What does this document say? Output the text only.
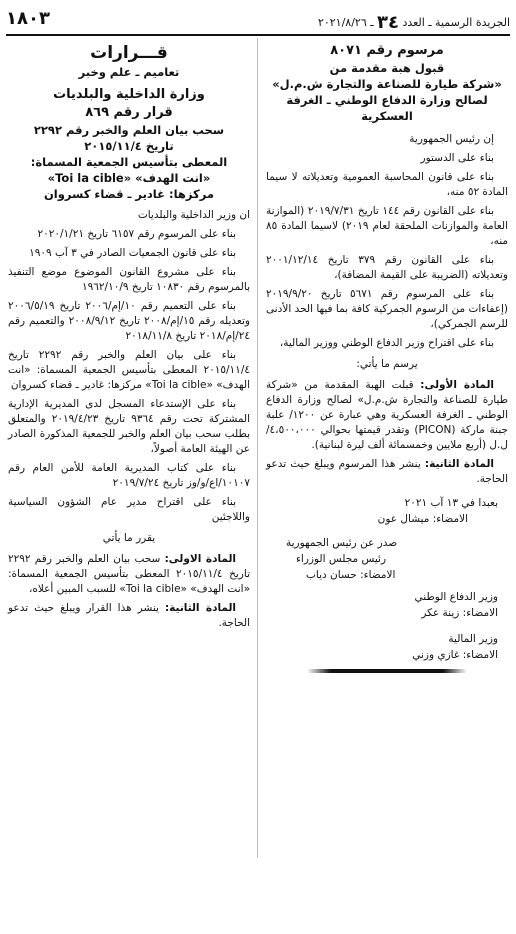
الجريدة الرسمية ـ العدد ٣٤ ـ ٢٠٢١/٨/٢٦
١٨٠٣
مرسوم رقم ٨٠٧١
قبول هبة مقدمة من
«شركة طيارة للصناعة والتجارة ش.م.ل»
لصالح وزارة الدفاع الوطني ـ الغرفة العسكرية
إن رئيس الجمهورية
بناء على الدستور
بناء على قانون المحاسبة العمومية وتعديلاته لا سيما المادة ٥٢ منه،
بناء على القانون رقم ١٤٤ تاريخ ٢٠١٩/٧/٣١ (الموازنة العامة والموازنات الملحقة لعام ٢٠١٩) لاسيما المادة ٨٥ منه،
بناء على القانون رقم ٣٧٩ تاريخ ٢٠٠١/١٢/١٤ وتعديلاته (الضريبة على القيمة المضافة)،
بناء على المرسوم رقم ٥٦٧١ تاريخ ٢٠١٩/٩/٢٠ (إعفاءات من الرسوم الجمركية كافة بما فيها الحد الأدنى للرسم الجمركي)،
بناء على اقتراح وزير الدفاع الوطني ووزير المالية،
يرسم ما يأتي:
المادة الأولى: قبلت الهبة المقدمة من «شركة طيارة للصناعة والتجارة ش.م.ل» لصالح وزارة الدفاع الوطني ـ الغرفة العسكرية وهي عبارة عن ١٢٠٠/ علبة جبنة ماركة (PICON) وتقدر قيمتها بحوالي ٤،٥٠٠،٠٠٠/ ل.ل (أربع ملايين وخمسمائة ألف ليرة لبنانية).
المادة الثانية: ينشر هذا المرسوم ويبلغ حيث تدعو الحاجة.
بعبدا في ١٣ آب ٢٠٢١
الامضاء: ميشال عون
صدر عن رئيس الجمهورية
رئيس مجلس الوزراء
الامضاء: حسان دياب
وزير الدفاع الوطني
الامضاء: زينة عكر
وزير المالية
الامضاء: غازي وزني
قـــرارات
تعاميم ـ علم وخبر
وزارة الداخلية والبلديات
قرار رقم ٨٦٩
سحب بيان العلم والخبر رقم ٢٢٩٢
تاريخ ٢٠١٥/١١/٤
المعطى بتأسيس الجمعية المسماة:
«انت الهدف» «Toi la cible»
مركزها: غادير ـ قضاء كسروان
ان وزير الداخلية والبلديات
بناء على المرسوم رقم ٦١٥٧ تاريخ ٢٠٢٠/١/٢١
بناء على قانون الجمعيات الصادر في ٣ آب ١٩٠٩
بناء على مشروع القانون الموضوع موضع التنفيذ بالمرسوم رقم ١٠٨٣٠ تاريخ ١٩٦٢/١٠/٩
بناء على التعميم رقم ١٠/إم/٢٠٠٦ تاريخ ٢٠٠٦/٥/١٩ وتعديله رقم ١٥/إم/٢٠٠٨ تاريخ ٢٠٠٨/٩/١٢ والتعميم رقم ٢٤/إم/٢٠١٨ تاريخ ٢٠١٨/١١/٨
بناء على بيان العلم والخبر رقم ٢٢٩٢ تاريخ ٢٠١٥/١١/٤ المعطى بتأسيس الجمعية المسماة: «انت الهدف» «Toi la cible» مركزها: غادير ـ قضاء كسروان
بناء على الإستدعاء المسجل لدى المديرية الإدارية المشتركة تحت رقم ٩٣٦٤ تاريخ ٢٠١٩/٤/٢٣ والمتعلق بطلب سحب بيان العلم والخبر للجمعية المذكورة الصادر عن الهيئة العامة أصولاً،
بناء على كتاب المديرية العامة للأمن العام رقم ١٠١٠٧/اع/و/وز تاريخ ٢٠١٩/٧/٢٤
بناء على اقتراح مدير عام الشؤون السياسية واللاجئين
يقرر ما يأتي
المادة الاولى: سحب بيان العلم والخبر رقم ٢٢٩٢ تاريخ ٢٠١٥/١١/٤ المعطى بتأسيس الجمعية المسماة: «انت الهدف» «Toi la cible» للسبب المبين أعلاه،
المادة الثانية: ينشر هذا القرار ويبلغ حيث تدعو الحاجة.
